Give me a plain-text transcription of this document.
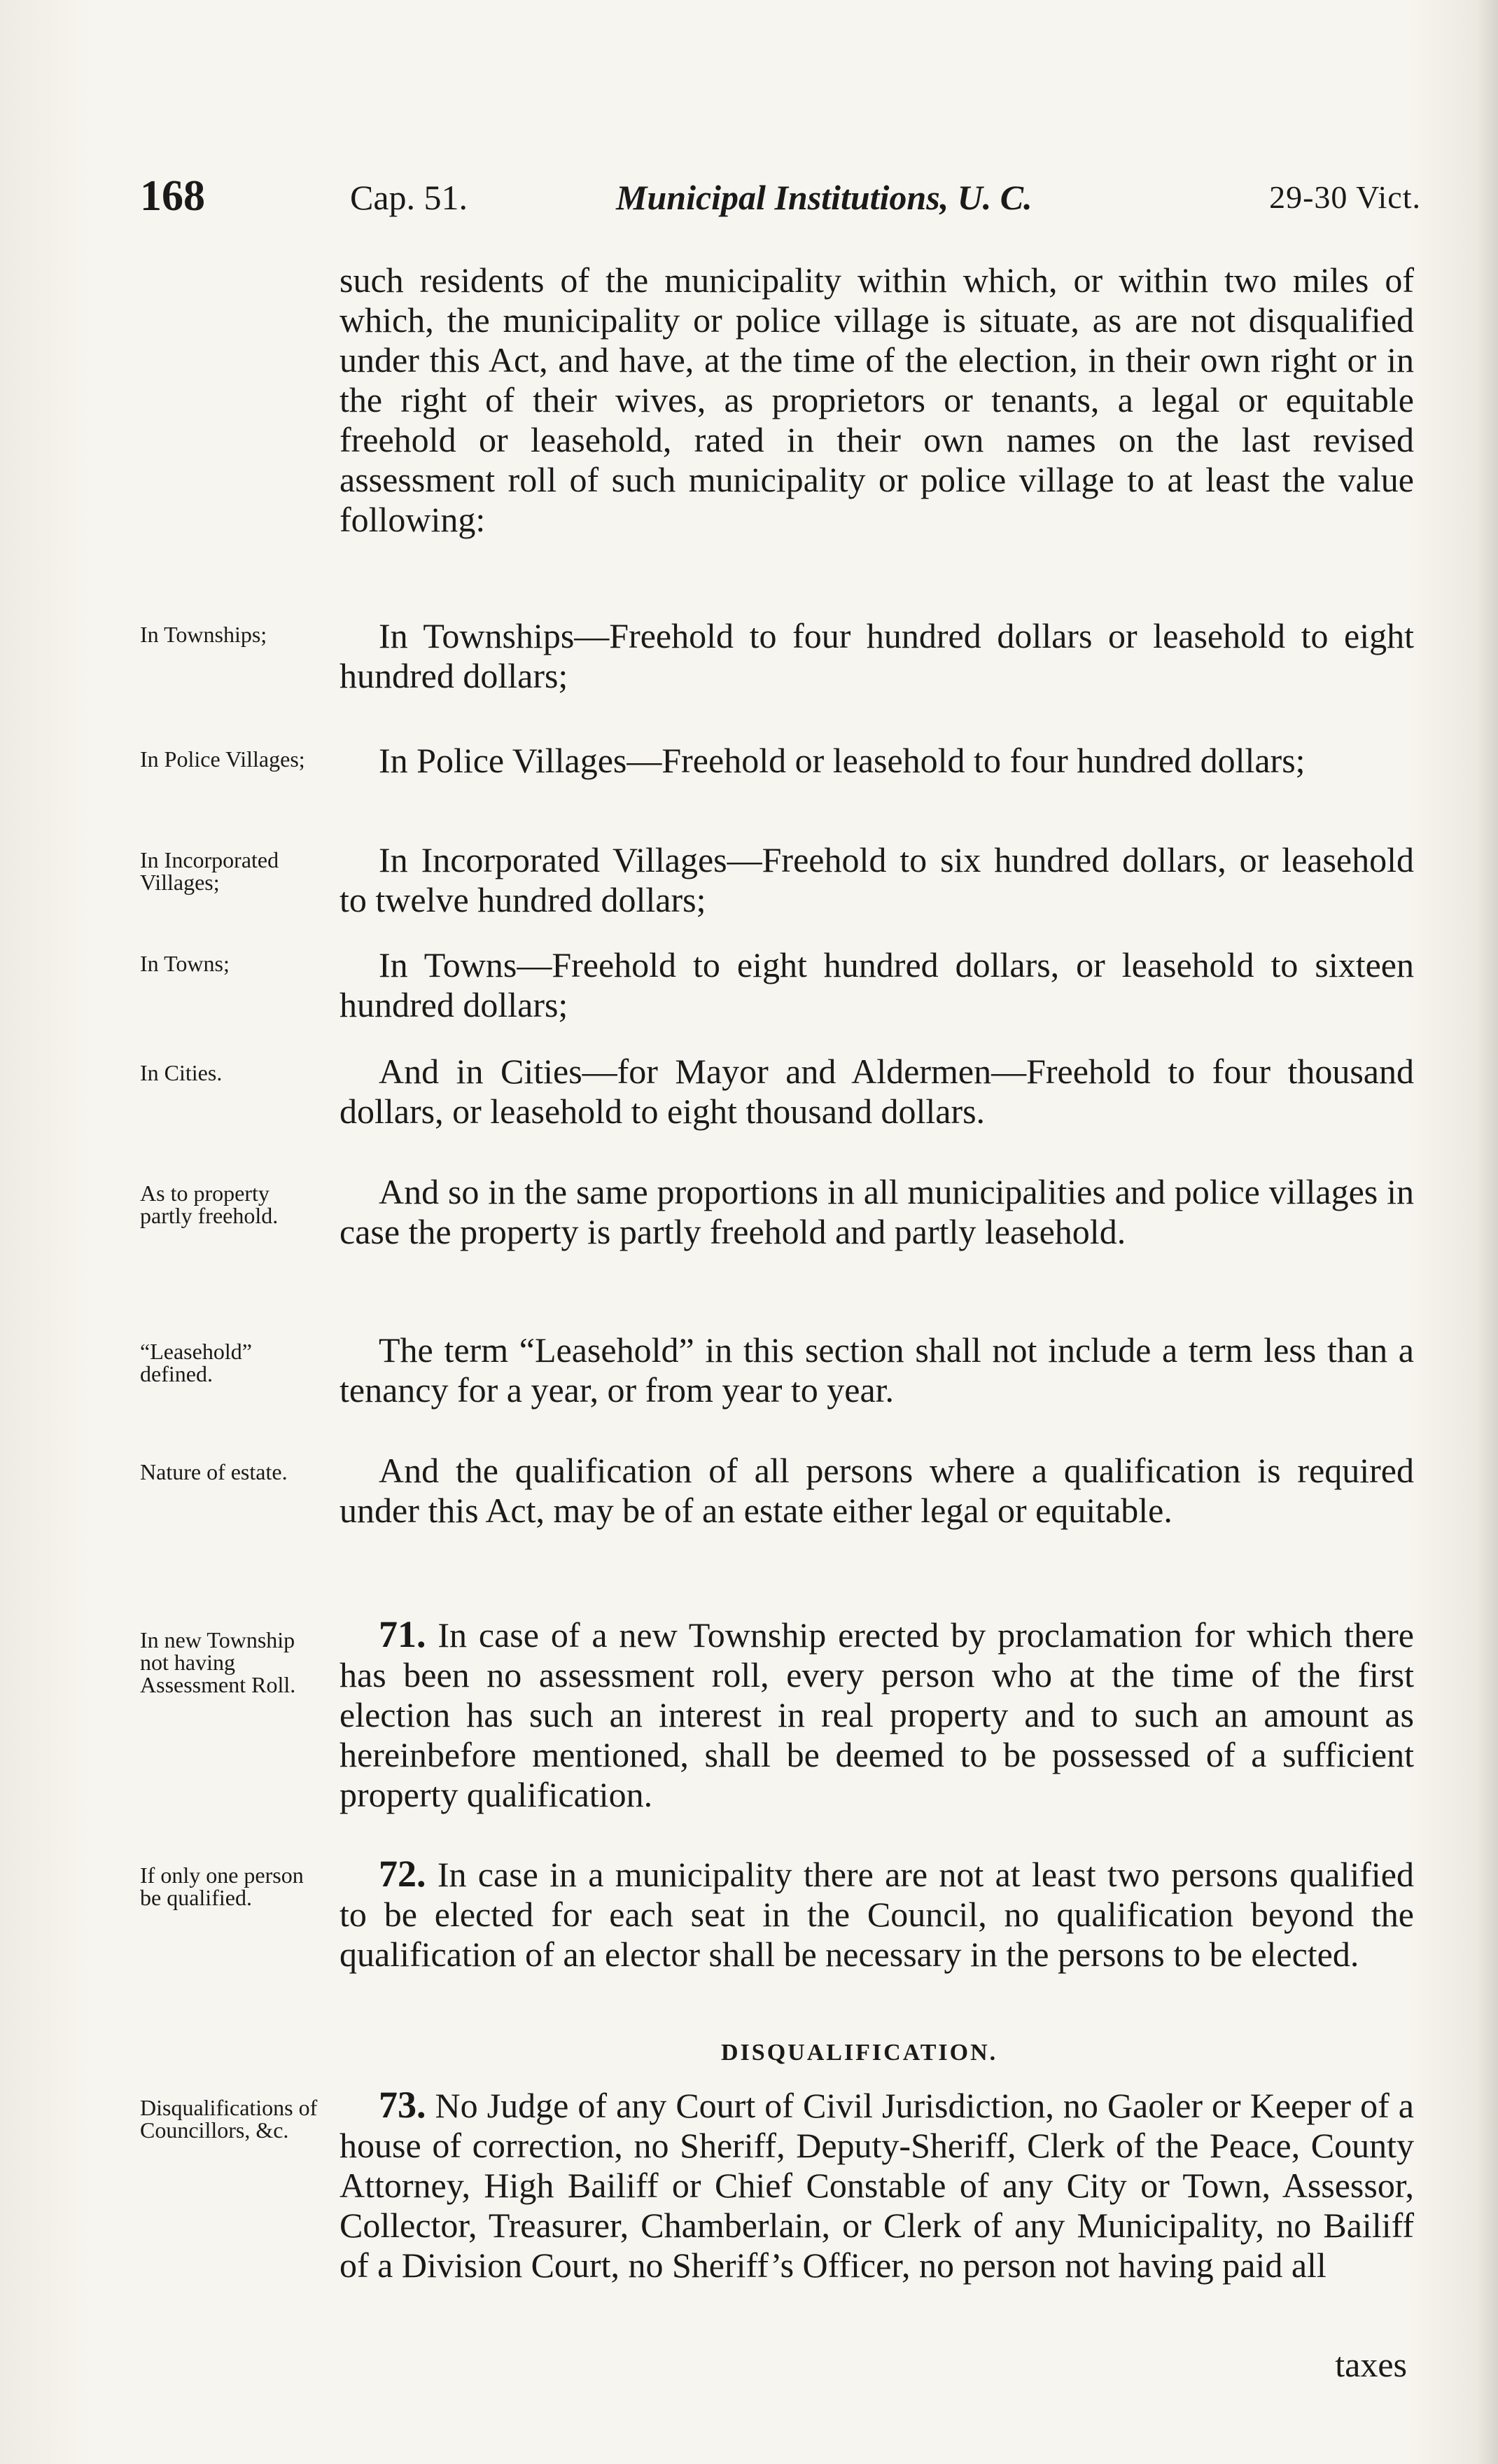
168	Cap. 51.	Municipal Institutions, U. C.	29-30 Vict.

such residents of the municipality within which, or within two miles of which, the municipality or police village is situate, as are not disqualified under this Act, and have, at the time of the election, in their own right or in the right of their wives, as proprietors or tenants, a legal or equitable freehold or leasehold, rated in their own names on the last revised assessment roll of such municipality or police village to at least the value following:

In Townships;	In Townships—Freehold to four hundred dollars or leasehold to eight hundred dollars;

In Police Villages;	In Police Villages—Freehold or leasehold to four hundred dollars;

In Incorporated Villages;

In Incorporated Villages—Freehold to six hundred dollars, or leasehold to twelve hundred dollars;

In Towns;	In Towns—Freehold to eight hundred dollars, or leasehold to sixteen hundred dollars;

In Cities.	And in Cities—for Mayor and Aldermen—Freehold to four thousand dollars, or leasehold to eight thousand dollars.

As to property partly freehold.

And so in the same proportions in all municipalities and police villages in case the property is partly freehold and partly leasehold.

“Leasehold” defined.

The term “Leasehold” in this section shall not include a term less than a tenancy for a year, or from year to year.

Nature of estate.	And the qualification of all persons where a qualification is required under this Act, may be of an estate either legal or equitable.

In new Township not having Assessment Roll.

71. In case of a new Township erected by proclamation for which there has been no assessment roll, every person who at the time of the first election has such an interest in real property and to such an amount as hereinbefore mentioned, shall be deemed to be possessed of a sufficient property qualification.

If only one person be qualified.

72. In case in a municipality there are not at least two persons qualified to be elected for each seat in the Council, no qualification beyond the qualification of an elector shall be necessary in the persons to be elected.

DISQUALIFICATION.

Disqualifications of Councillors, &c.

73. No Judge of any Court of Civil Jurisdiction, no Gaoler or Keeper of a house of correction, no Sheriff, Deputy-Sheriff, Clerk of the Peace, County Attorney, High Bailiff or Chief Constable of any City or Town, Assessor, Collector, Treasurer, Chamberlain, or Clerk of any Municipality, no Bailiff of a Division Court, no Sheriff’s Officer, no person not having paid all

taxes
